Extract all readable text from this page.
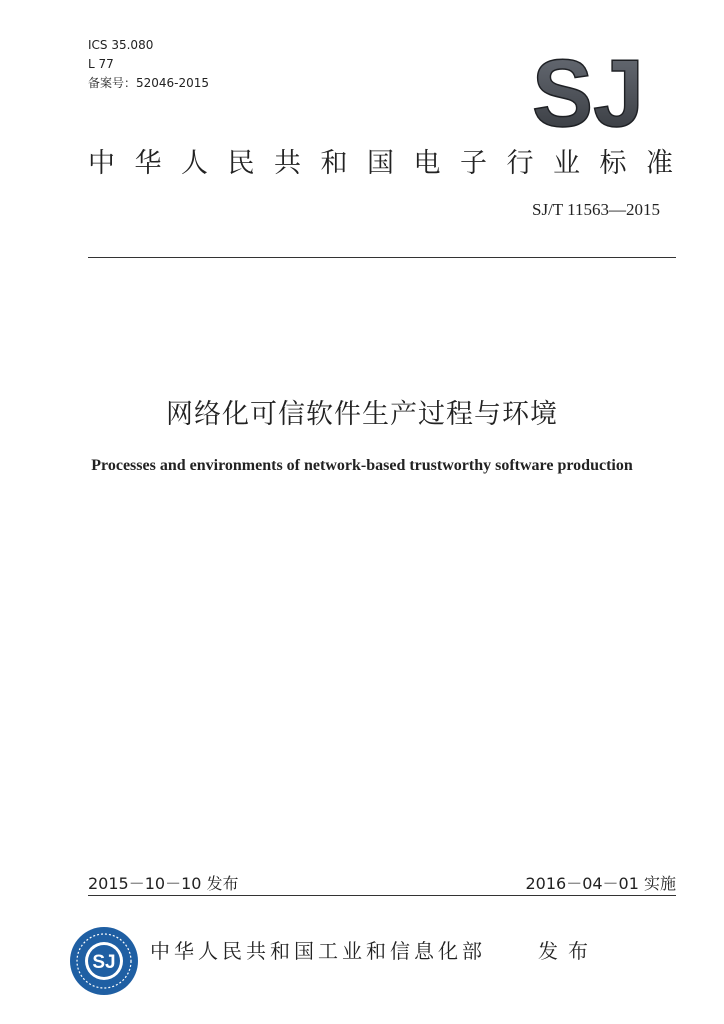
ICS 35.080
L 77
备案号：52046-2015	SJ
中华人民共和国电子行业标准
SJ/T 11563—2015
网络化可信软件生产过程与环境
Processes and environments of network-based trustworthy software production
2015－10－10 发布	2016－04－01 实施
SJ 中华人民共和国工业和信息化部	发布
